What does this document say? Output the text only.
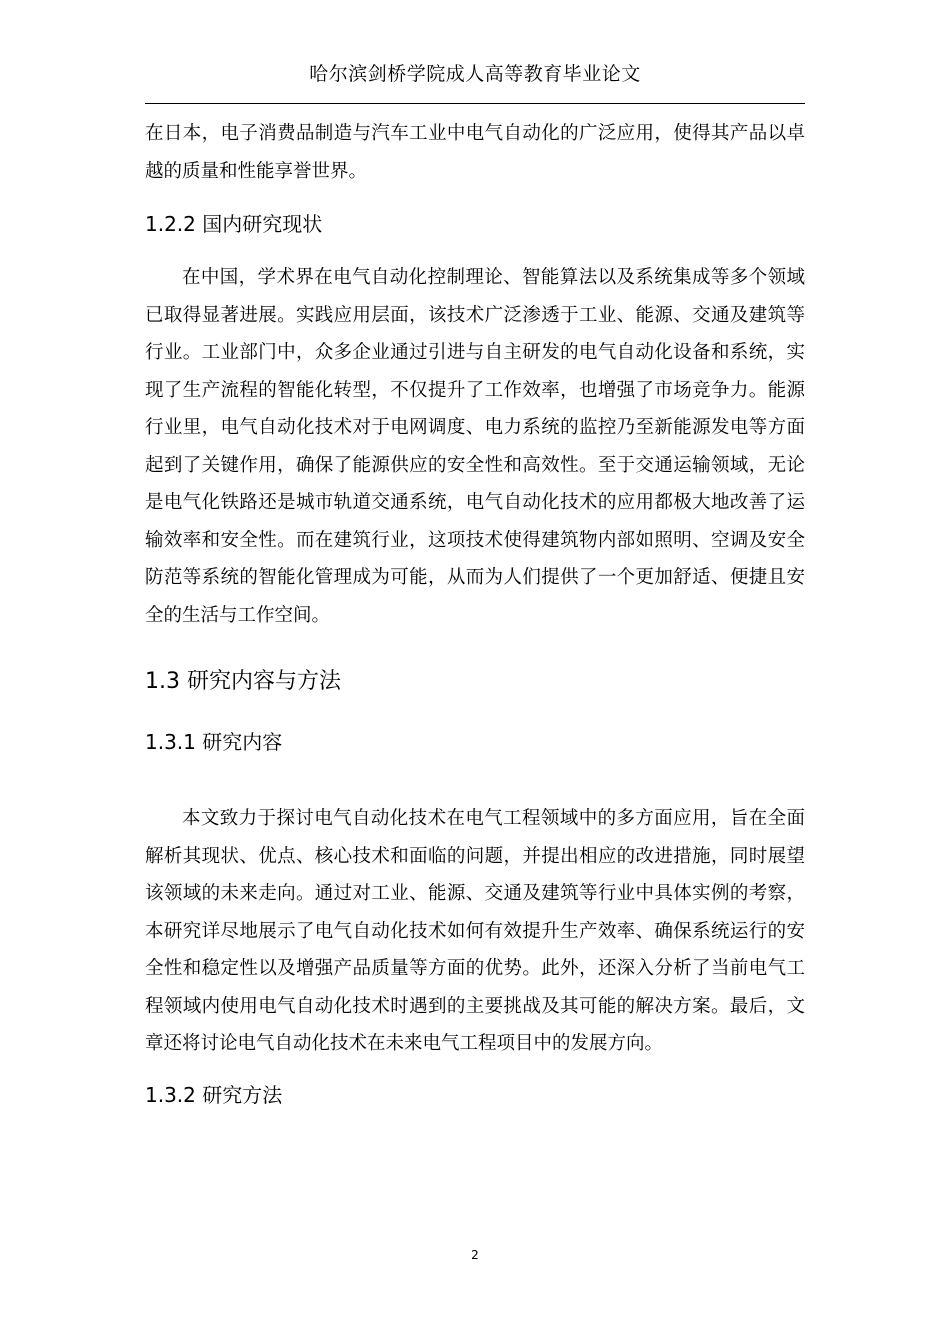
哈尔滨剑桥学院成人高等教育毕业论文

在日本，电子消费品制造与汽车工业中电气自动化的广泛应用，使得其产品以卓越的质量和性能享誉世界。

1.2.2 国内研究现状

在中国，学术界在电气自动化控制理论、智能算法以及系统集成等多个领域已取得显著进展。实践应用层面，该技术广泛渗透于工业、能源、交通及建筑等行业。工业部门中，众多企业通过引进与自主研发的电气自动化设备和系统，实现了生产流程的智能化转型，不仅提升了工作效率，也增强了市场竞争力。能源行业里，电气自动化技术对于电网调度、电力系统的监控乃至新能源发电等方面起到了关键作用，确保了能源供应的安全性和高效性。至于交通运输领域，无论是电气化铁路还是城市轨道交通系统，电气自动化技术的应用都极大地改善了运输效率和安全性。而在建筑行业，这项技术使得建筑物内部如照明、空调及安全防范等系统的智能化管理成为可能，从而为人们提供了一个更加舒适、便捷且安全的生活与工作空间。

1.3 研究内容与方法
1.3.1 研究内容

本文致力于探讨电气自动化技术在电气工程领域中的多方面应用，旨在全面解析其现状、优点、核心技术和面临的问题，并提出相应的改进措施，同时展望该领域的未来走向。通过对工业、能源、交通及建筑等行业中具体实例的考察，本研究详尽地展示了电气自动化技术如何有效提升生产效率、确保系统运行的安全性和稳定性以及增强产品质量等方面的优势。此外，还深入分析了当前电气工程领域内使用电气自动化技术时遇到的主要挑战及其可能的解决方案。最后，文章还将讨论电气自动化技术在未来电气工程项目中的发展方向。

1.3.2 研究方法
2
